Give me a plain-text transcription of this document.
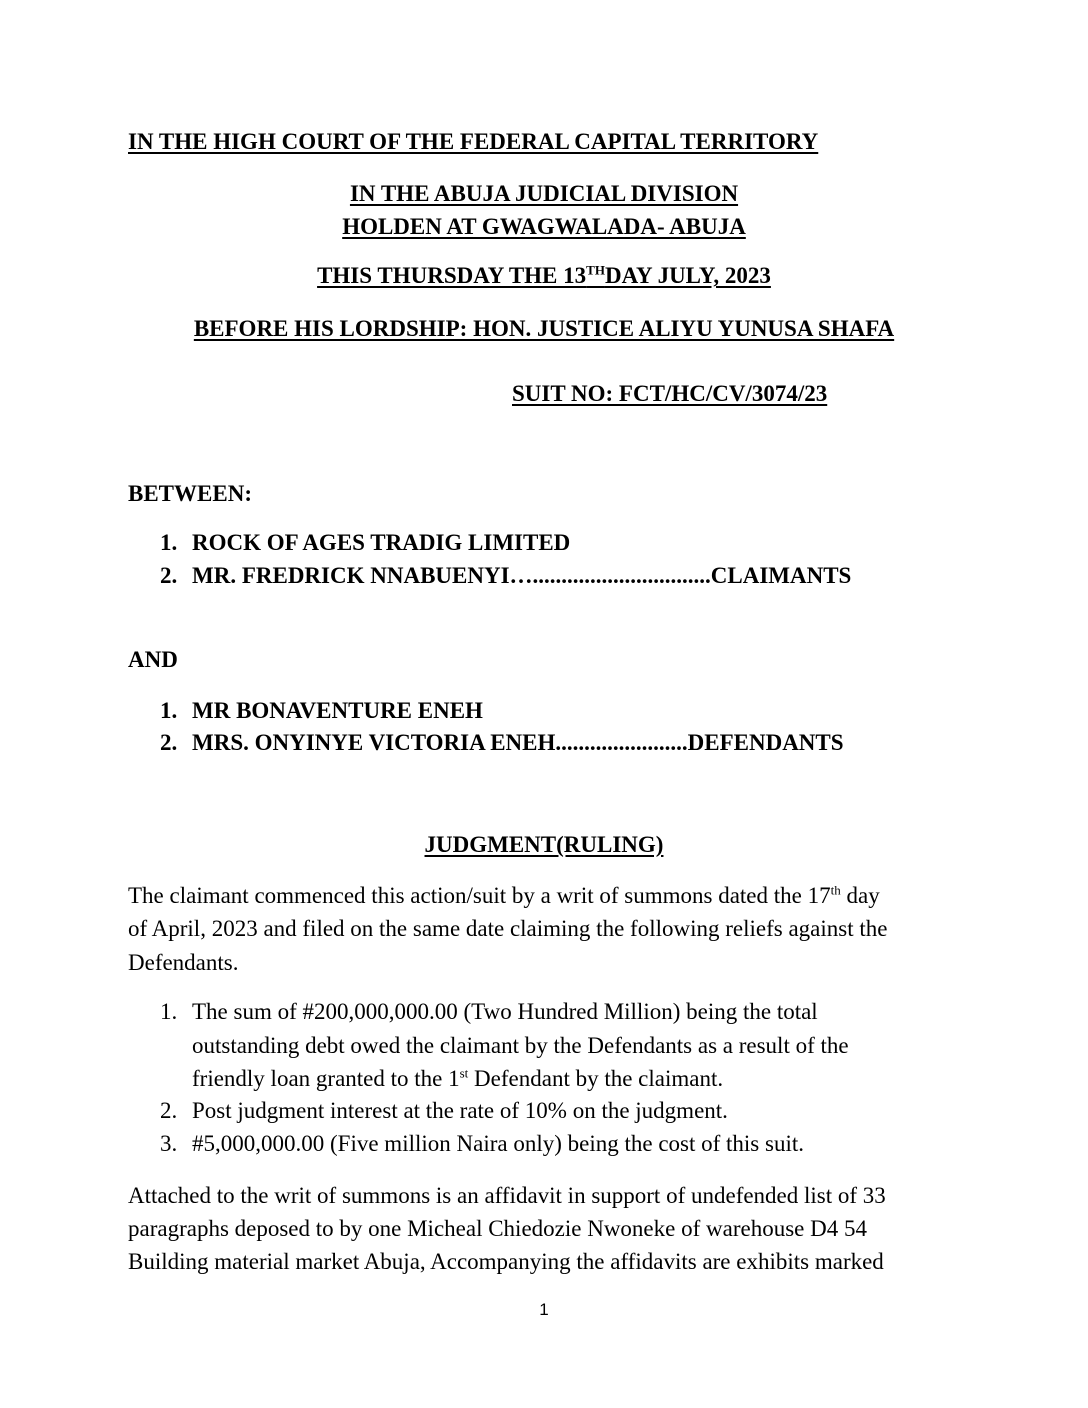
IN THE HIGH COURT OF THE FEDERAL CAPITAL TERRITORY
IN THE ABUJA JUDICIAL DIVISION
HOLDEN AT GWAGWALADA- ABUJA
THIS THURSDAY THE 13THDAY JULY, 2023
BEFORE HIS LORDSHIP: HON. JUSTICE ALIYU YUNUSA SHAFA
SUIT NO: FCT/HC/CV/3074/23
BETWEEN:
1. ROCK OF AGES TRADIG LIMITED
2. MR. FREDRICK NNABUENYI…...............................CLAIMANTS
AND
1. MR BONAVENTURE ENEH
2. MRS. ONYINYE VICTORIA ENEH.......................DEFENDANTS
JUDGMENT(RULING)
The claimant commenced this action/suit by a writ of summons dated the 17th day
of April, 2023 and filed on the same date claiming the following reliefs against the
Defendants.
1. The sum of #200,000,000.00 (Two Hundred Million) being the total
outstanding debt owed the claimant by the Defendants as a result of the
friendly loan granted to the 1st Defendant by the claimant.
2. Post judgment interest at the rate of 10% on the judgment.
3. #5,000,000.00 (Five million Naira only) being the cost of this suit.
Attached to the writ of summons is an affidavit in support of undefended list of 33
paragraphs deposed to by one Micheal Chiedozie Nwoneke of warehouse D4 54
Building material market Abuja, Accompanying the affidavits are exhibits marked
1
